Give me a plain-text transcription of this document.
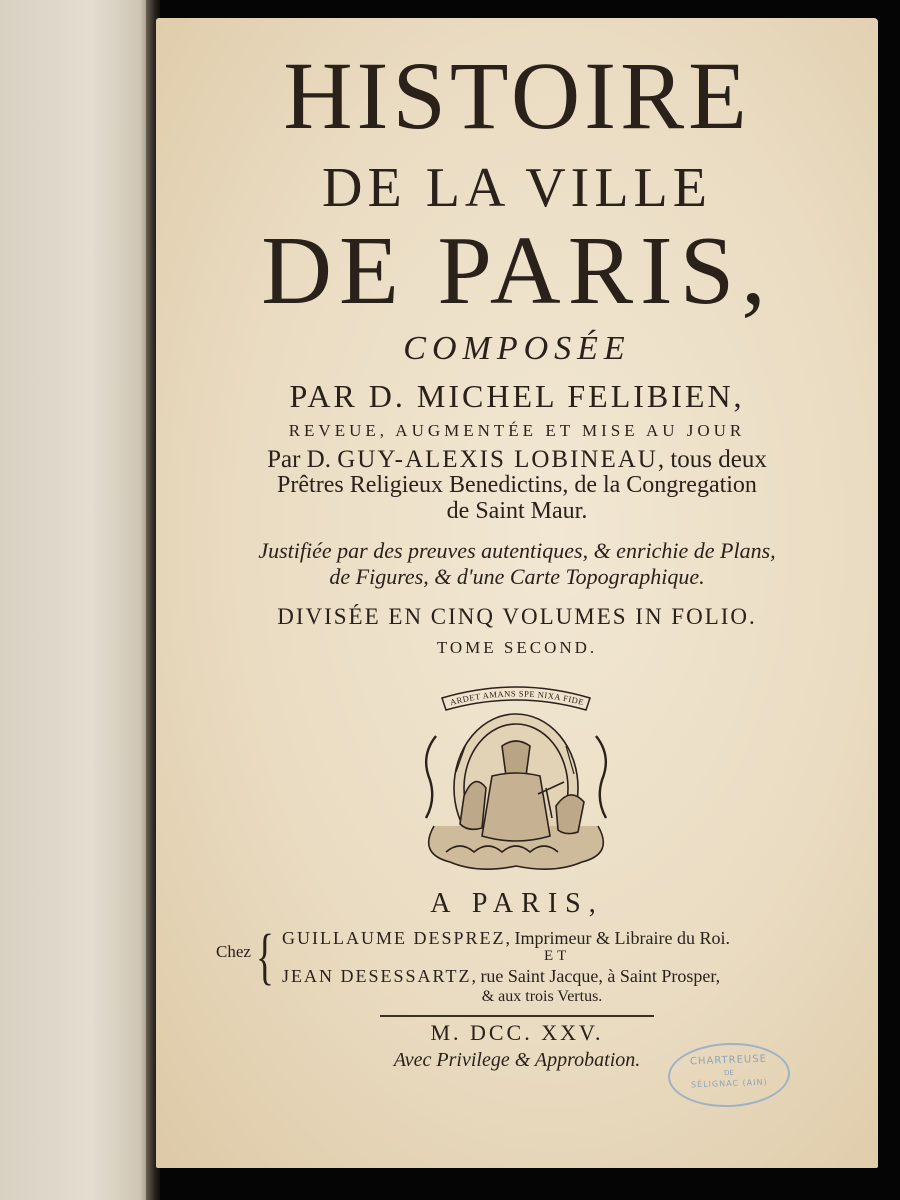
HISTOIRE
DE LA VILLE
DE PARIS,
COMPOSÉE
PAR D. MICHEL FELIBIEN,
REVEUE, AUGMENTÉE ET MISE AU JOUR
Par D. GUY-ALEXIS LOBINEAU, tous deux
Prêtres Religieux Benedictins, de la Congregation
de Saint Maur.
Justifiée par des preuves autentiques, & enrichie de Plans,
de Figures, & d'une Carte Topographique.
DIVISÉE EN CINQ VOLUMES IN FOLIO.
TOME SECOND.
ARDET AMANS SPE NIXA FIDE
A PARIS,
Chez { GUILLAUME DESPREZ, Imprimeur & Libraire du Roi.
ET
JEAN DESESSARTZ, rue Saint Jacque, à Saint Prosper,
& aux trois Vertus.
M. DCC. XXV.
Avec Privilege & Approbation.	CHARTREUSE
DE
SÉLIGNAC (AIN)
